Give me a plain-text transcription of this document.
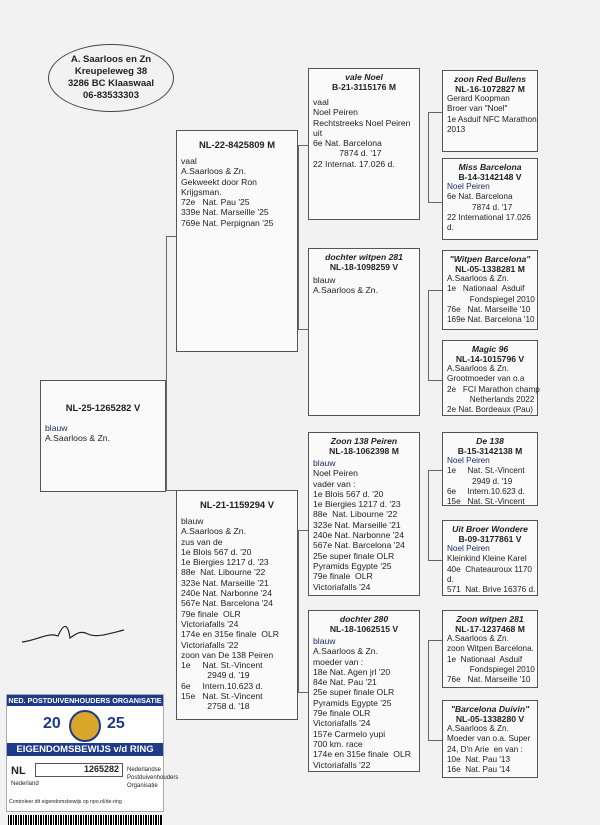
A. Saarloos en Zn
Kreupeleweg 38
3286 BC Klaaswaal
06-83533303
NL-25-1265282 V
blauw
A.Saarloos & Zn.
NL-22-8425809 M
vaal
A.Saarloos & Zn.
Gekweekt door Ron
Krijgsman.
72e   Nat. Pau '25
339e Nat. Marseille '25
769e Nat. Perpignan '25
NL-21-1159294 V
blauw
A.Saarloos & Zn.
zus van de
1e Blois 567 d. '20
1e Biergies 1217 d. '23
88e  Nat. Libourne '22
323e Nat. Marseille '21
240e Nat. Narbonne '24
567e Nat. Barcelona '24
79e finale  OLR
Victoriafalls '24
174e en 315e finale  OLR
Victoriafalls '22
zoon van De 138 Peiren
1e     Nat. St.-Vincent
2949 d. '19
6e     Intern.10.623 d.
15e   Nat. St.-Vincent
2758 d. '18
vale Noel
B-21-3115176 M
vaal
Noel Peiren
Rechtstreeks Noel Peiren
uit
6e Nat. Barcelona
7874 d. '17
22 Internat. 17.026 d.
dochter witpen 281
NL-18-1098259 V
blauw
A.Saarloos & Zn.
Zoon 138 Peiren
NL-18-1062398 M
blauw
Noel Peiren
vader van :
1e Blois 567 d. '20
1e Biergies 1217 d. '23
88e  Nat. Libourne '22
323e Nat. Marseille '21
240e Nat. Narbonne '24
567e Nat. Barcelona '24
25e super finale OLR
Pyramids Egypte '25
79e finale  OLR
Victoriafalls '24
dochter 280
NL-18-1062515 V
blauw
A.Saarloos & Zn.
moeder van :
18e Nat. Agen jrl '20
84e Nat. Pau '21
25e super finale OLR
Pyramids Egypte '25
79e finale OLR
Victoriafalls '24
157e Carmelo yupi
700 km. race
174e en 315e finale  OLR
Victoriafalls '22
zoon Red Bullens
NL-16-1072827 M
Gerard Koopman
Broer van "Noel"
1e Asduif NFC Marathon
2013
Miss Barcelona
B-14-3142148 V
Noel Peiren
6e Nat. Barcelona
7874 d. '17
22 International 17.026
d.
"Witpen Barcelona"
NL-05-1338281 M
A.Saarloos & Zn.
1e   Nationaal  Asduif
Fondspiegel 2010
76e   Nat. Marseille '10
169e Nat. Barcelona '10
Magic 96
NL-14-1015796 V
A.Saarloos & Zn.
Grootmoeder van o.a
2e   FCI Marathon champ
Netherlands 2022
2e Nat. Bordeaux (Pau)
De 138
B-15-3142138 M
Noel Peiren
1e     Nat. St.-Vincent
2949 d. '19
6e     Intern.10.623 d.
15e   Nat. St.-Vincent
Uit Broer Wondere
B-09-3177861 V
Noel Peiren
Kleinkind Kleine Karel
40e  Chateauroux 1170
d.
571  Nat. Brive 16376 d.
Zoon witpen 281
NL-17-1237468 M
A.Saarloos & Zn.
zoon Witpen Barcelona.
1e  Nationaal  Asduif
Fondspiegel 2010
76e   Nat. Marseille '10
"Barcelona Duivin"
NL-05-1338280 V
A.Saarloos & Zn.
Moeder van o.a. Super
24, D'n Arie  en van :
10e  Nat. Pau '13
16e  Nat. Pau '14
NED. POSTDUIVENHOUDERS ORGANISATIE
20	25
EIGENDOMSBEWIJS v/d RING
NL	1265282
Nederland
Nederlandse
Postduivenhouders
Organisatie
Controleer dit eigendomsbewijs op npo.nl/de-ring
